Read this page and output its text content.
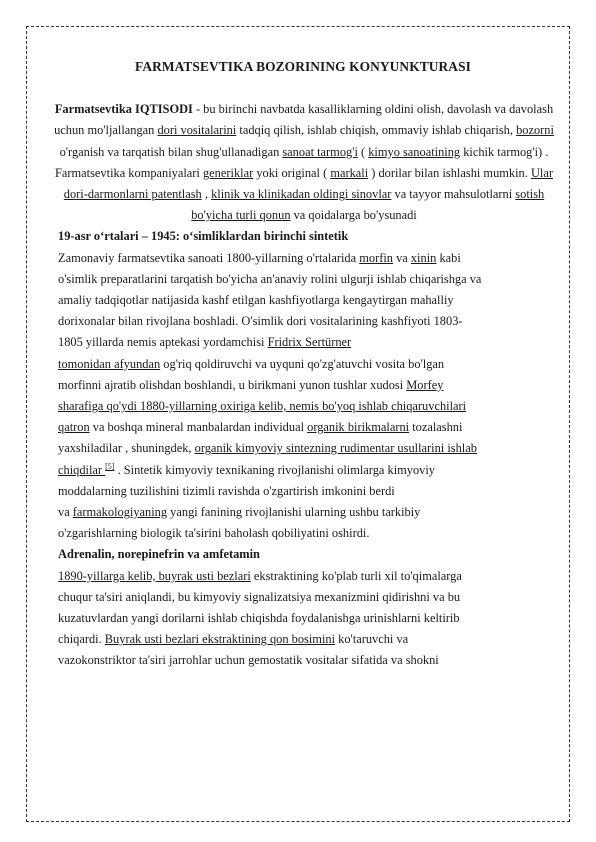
FARMATSEVTIKA BOZORINING KONYUNKTURASI

Farmatsevtika IQTISODI - bu birinchi navbatda kasalliklarning oldini olish, davolash va davolash uchun mo'ljallangan dori vositalarini tadqiq qilish, ishlab chiqish, ommaviy ishlab chiqarish, bozorni o'rganish va tarqatish bilan shug'ullanadigan sanoat tarmog'i ( kimyo sanoatining kichik tarmog'i) . Farmatsevtika kompaniyalari generiklar yoki original ( markali ) dorilar bilan ishlashi mumkin. Ular dori-darmonlarni patentlash , klinik va klinikadan oldingi sinovlar va tayyor mahsulotlarni sotish bo'yicha turli qonun va qoidalarga bo'ysunadi

19-asr o‘rtalari – 1945: o‘simliklardan birinchi sintetik

Zamonaviy farmatsevtika sanoati 1800-yillarning o'rtalarida morfin va xinin kabi
o'simlik preparatlarini tarqatish bo'yicha an'anaviy rolini ulgurji ishlab chiqarishga va
amaliy tadqiqotlar natijasida kashf etilgan kashfiyotlarga kengaytirgan mahalliy
dorixonalar bilan rivojlana boshladi. O'simlik dori vositalarining kashfiyoti 1803-
1805 yillarda nemis aptekasi yordamchisi Fridrix Sertürner
tomonidan afyundan og'riq qoldiruvchi va uyquni qo'zg'atuvchi vosita bo'lgan
morfinni ajratib olishdan boshlandi, u birikmani yunon tushlar xudosi Morfey
sharafiga qo'ydi 1880-yillarning oxiriga kelib, nemis bo'yoq ishlab chiqaruvchilari
qatron va boshqa mineral manbalardan individual organik birikmalarni tozalashni
yaxshiladilar , shuningdek, organik kimyoviy sintezning rudimentar usullarini ishlab
chiqdilar [5] . Sintetik kimyoviy texnikaning rivojlanishi olimlarga kimyoviy
moddalarning tuzilishini tizimli ravishda o'zgartirish imkonini berdi
va farmakologiyaning yangi fanining rivojlanishi ularning ushbu tarkibiy
o'zgarishlarning biologik ta'sirini baholash qobiliyatini oshirdi.

Adrenalin, norepinefrin va amfetamin

1890-yillarga kelib, buyrak usti bezlari ekstraktining ko'plab turli xil to'qimalarga
chuqur ta'siri aniqlandi, bu kimyoviy signalizatsiya mexanizmini qidirishni va bu
kuzatuvlardan yangi dorilarni ishlab chiqishda foydalanishga urinishlarni keltirib
chiqardi. Buyrak usti bezlari ekstraktining qon bosimini ko'taruvchi va
vazokonstriktor ta'siri jarrohlar uchun gemostatik vositalar sifatida va shokni
